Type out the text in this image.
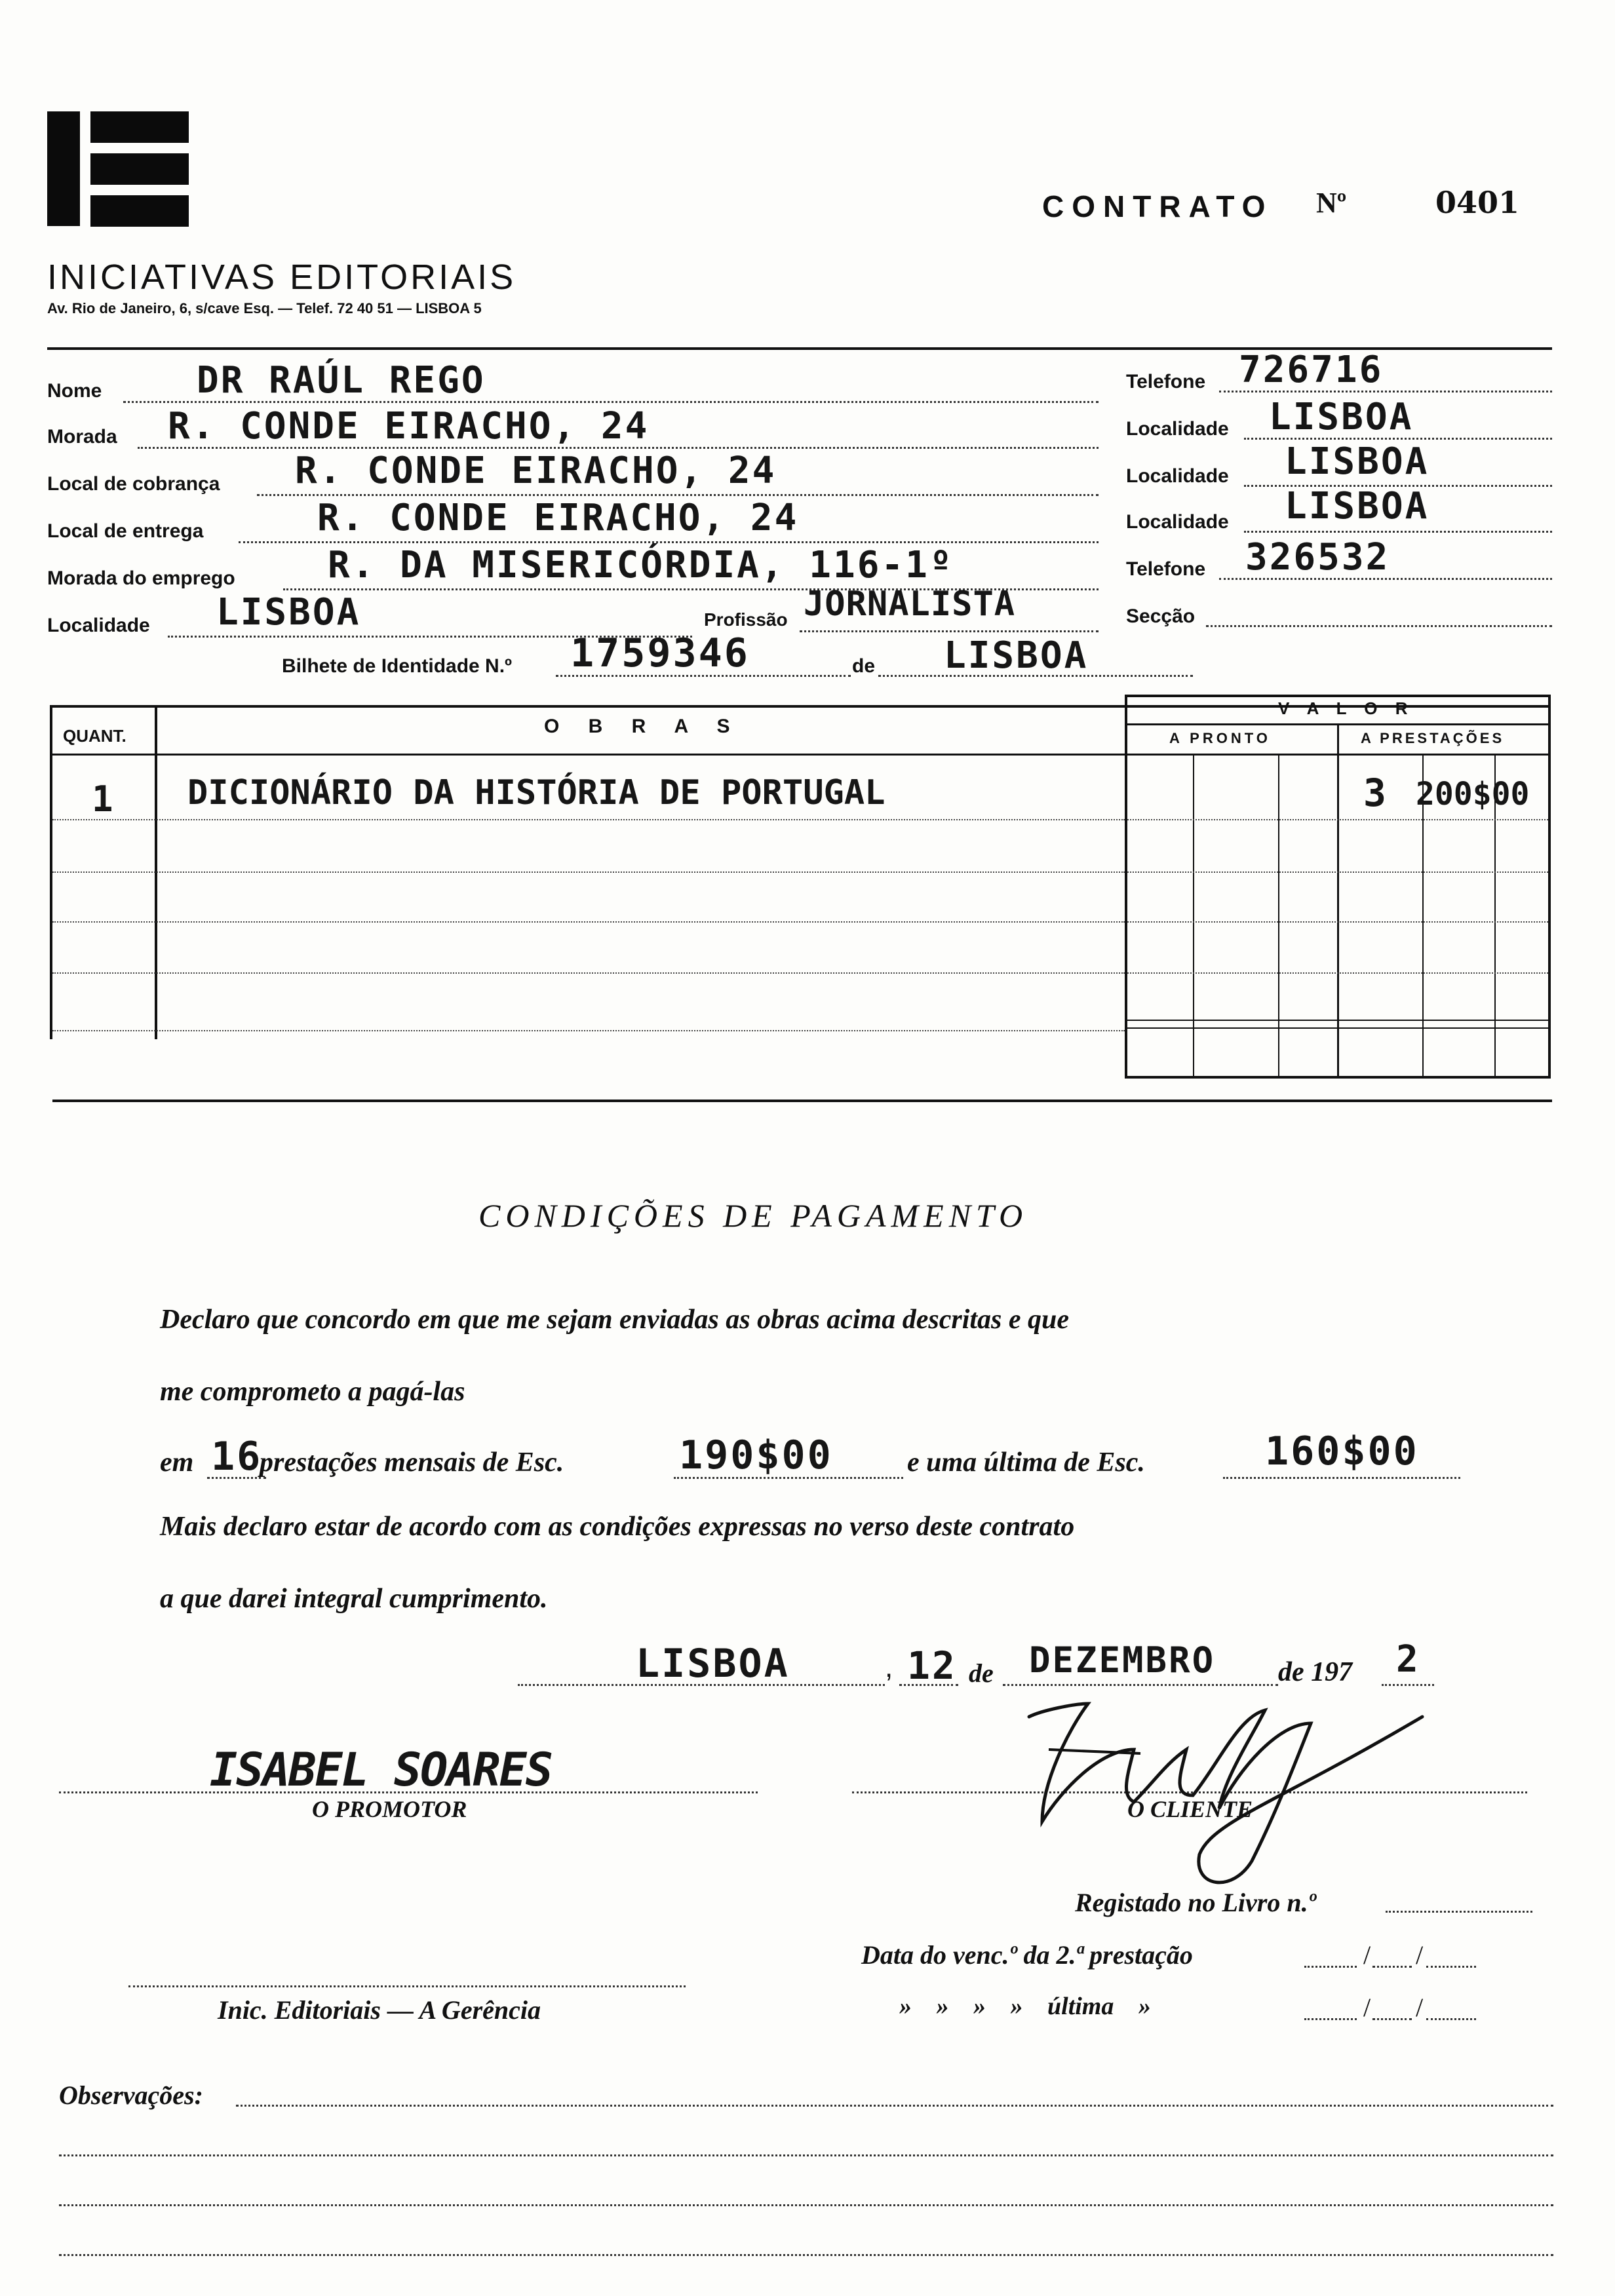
INICIATIVAS EDITORIAIS
Av. Rio de Janeiro, 6, s/cave Esq. — Telef. 72 40 51 — LISBOA 5
CONTRATO Nº	0401
Nome	DR RAÚL REGO
Morada R. CONDE EIRACHO, 24
Local de cobrança R. CONDE EIRACHO, 24
Local de entrega	R. CONDE EIRACHO, 24
Morada do emprego	R. DA MISERICÓRDIA, 116-1º
Localidade LISBOA	Profissão JORNALISTA
Bilhete de Identidade N.º 1759346	de LISBOA
Telefone 726716
Localidade LISBOA
Localidade LISBOA
Localidade LISBOA
Telefone 326532
Secção
QUANT.	O B R A S
V A L O R
A PRONTO	A PRESTAÇÕES
1 DICIONÁRIO DA HISTÓRIA DE PORTUGAL	3 200$00
CONDIÇÕES DE PAGAMENTO
Declaro que concordo em que me sejam enviadas as obras acima descritas e que
me comprometo a pagá-las
em 16
prestações mensais de Esc.	190$00	e uma última de Esc.	160$00
Mais declaro estar de acordo com as condições expressas no verso deste contrato
a que darei integral cumprimento.
LISBOA	, 12 de DEZEMBRO de 197 2
ISABEL SOARES
O PROMOTOR	O CLIENTE
Registado no Livro n.º
Data do venc.º da 2.ª prestação	/ /
» » » » última »	/ /
Inic. Editoriais — A Gerência
Observações:
